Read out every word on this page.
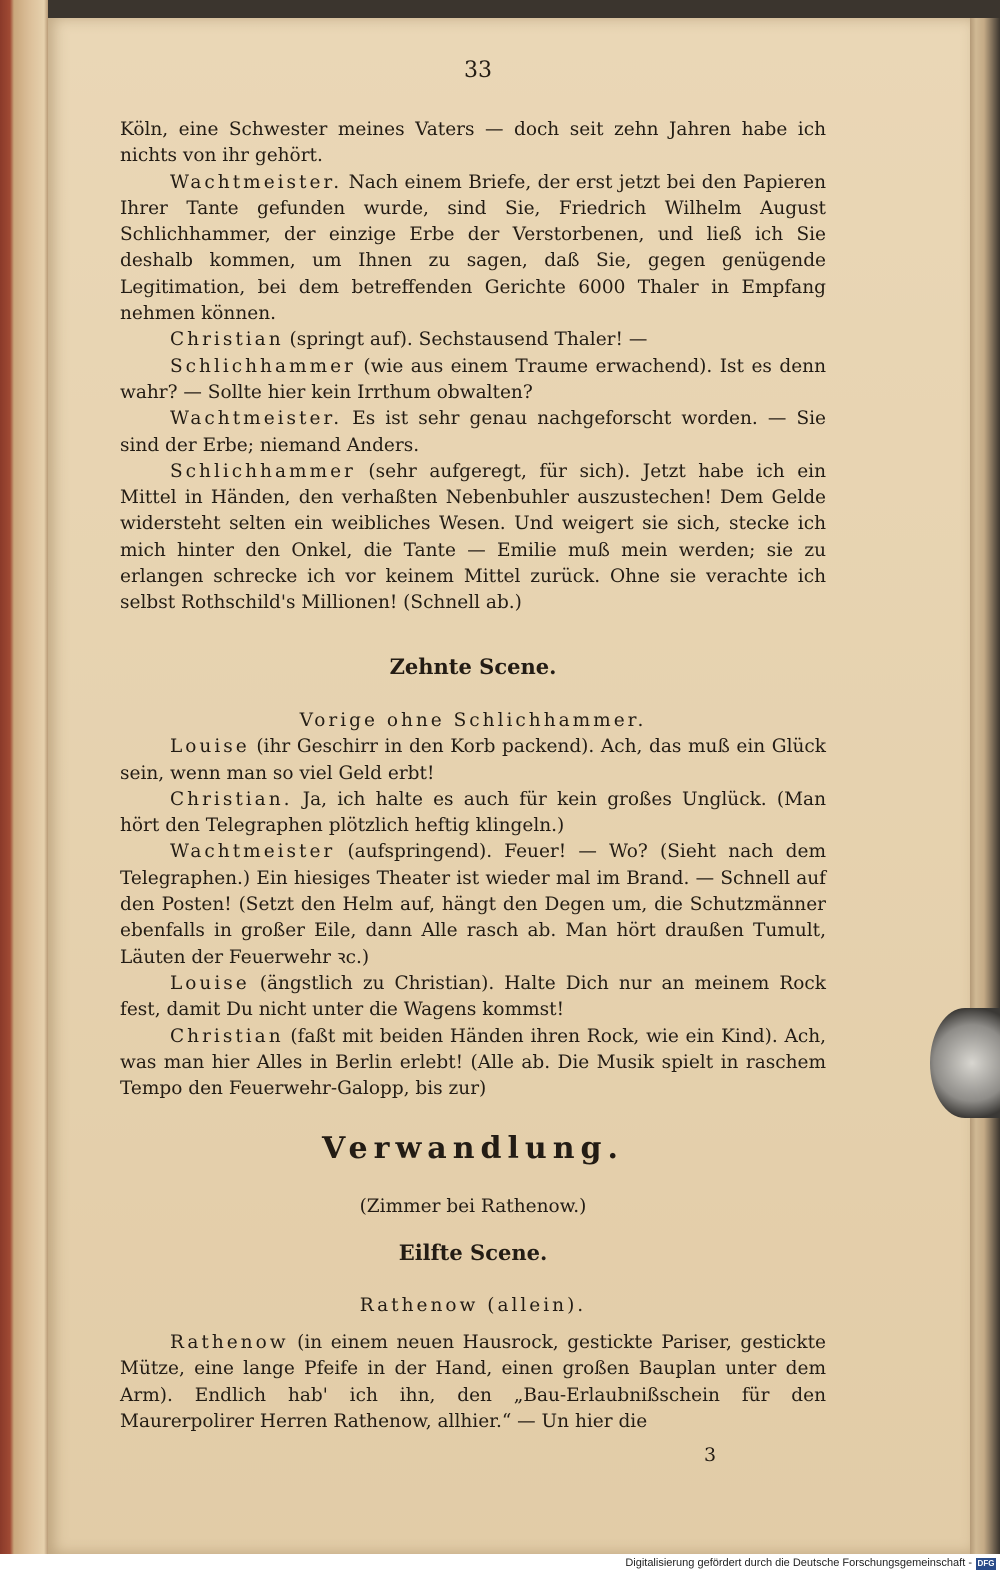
33

Köln, eine Schwester meines Vaters — doch seit zehn Jahren habe ich nichts von ihr gehört.

Wachtmeister. Nach einem Briefe, der erst jetzt bei den Papieren Ihrer Tante gefunden wurde, sind Sie, Friedrich Wilhelm August Schlichhammer, der einzige Erbe der Verstorbenen, und ließ ich Sie deshalb kommen, um Ihnen zu sagen, daß Sie, gegen genügende Legitimation, bei dem betreffenden Gerichte 6000 Thaler in Empfang nehmen können.

Christian (springt auf). Sechstausend Thaler! —

Schlichhammer (wie aus einem Traume erwachend). Ist es denn wahr? — Sollte hier kein Irrthum obwalten?

Wachtmeister. Es ist sehr genau nachgeforscht worden. — Sie sind der Erbe; niemand Anders.

Schlichhammer (sehr aufgeregt, für sich). Jetzt habe ich ein Mittel in Händen, den verhaßten Nebenbuhler auszustechen! Dem Gelde widersteht selten ein weibliches Wesen. Und weigert sie sich, stecke ich mich hinter den Onkel, die Tante — Emilie muß mein werden; sie zu erlangen schrecke ich vor keinem Mittel zurück. Ohne sie verachte ich selbst Rothschild's Millionen! (Schnell ab.)

Zehnte Scene.

Vorige ohne Schlichhammer.

Louise (ihr Geschirr in den Korb packend). Ach, das muß ein Glück sein, wenn man so viel Geld erbt!

Christian. Ja, ich halte es auch für kein großes Unglück. (Man hört den Telegraphen plötzlich heftig klingeln.)

Wachtmeister (aufspringend). Feuer! — Wo? (Sieht nach dem Telegraphen.) Ein hiesiges Theater ist wieder mal im Brand. — Schnell auf den Posten! (Setzt den Helm auf, hängt den Degen um, die Schutzmänner ebenfalls in großer Eile, dann Alle rasch ab. Man hört draußen Tumult, Läuten der Feuerwehr ꝛc.)

Louise (ängstlich zu Christian). Halte Dich nur an meinem Rock fest, damit Du nicht unter die Wagens kommst!

Christian (faßt mit beiden Händen ihren Rock, wie ein Kind). Ach, was man hier Alles in Berlin erlebt! (Alle ab. Die Musik spielt in raschem Tempo den Feuerwehr-Galopp, bis zur)

Verwandlung.
(Zimmer bei Rathenow.)
Eilfte Scene.
Rathenow (allein).

Rathenow (in einem neuen Hausrock, gestickte Pariser, gestickte Mütze, eine lange Pfeife in der Hand, einen großen Bauplan unter dem Arm). Endlich hab' ich ihn, den „Bau-Erlaubnißschein für den Maurerpolirer Herren Rathenow, allhier.“ — Un hier die

3
Digitalisierung gefördert durch die Deutsche Forschungsgemeinschaft - DFG
